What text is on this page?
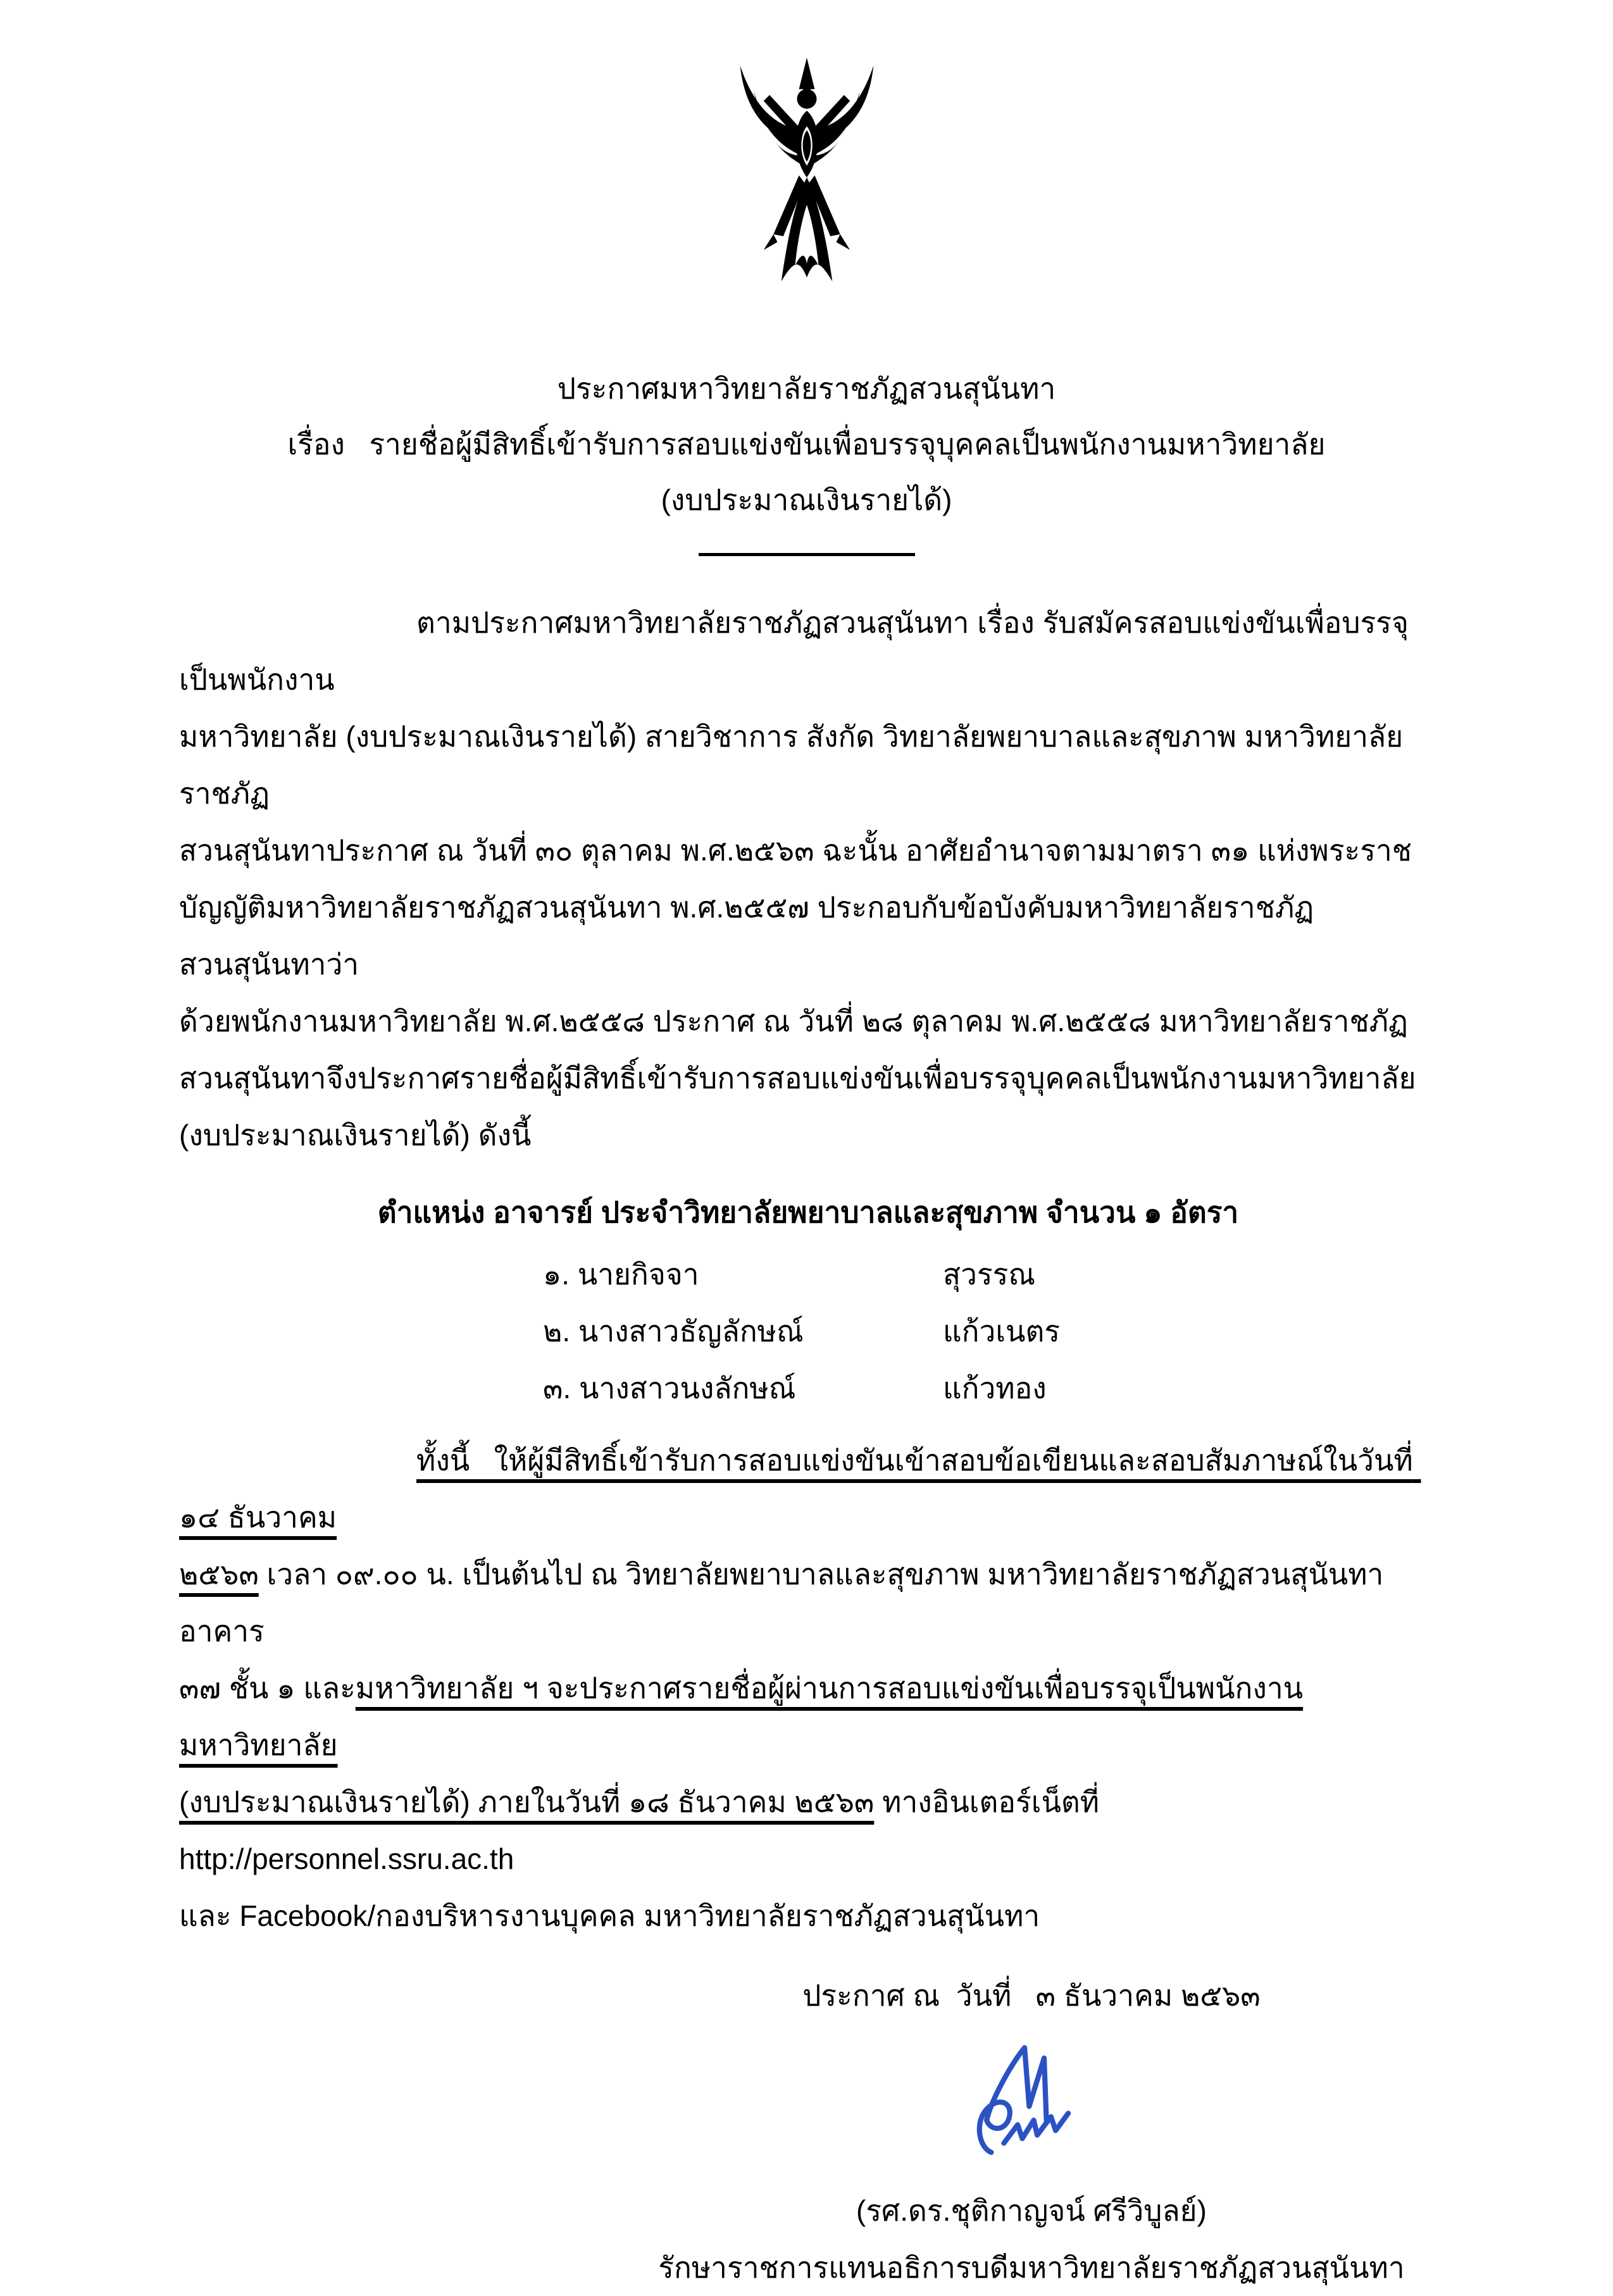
ประกาศมหาวิทยาลัยราชภัฏสวนสุนันทา
เรื่อง   รายชื่อผู้มีสิทธิ์เข้ารับการสอบแข่งขันเพื่อบรรจุบุคคลเป็นพนักงานมหาวิทยาลัย
(งบประมาณเงินรายได้)
ตามประกาศมหาวิทยาลัยราชภัฏสวนสุนันทา เรื่อง รับสมัครสอบแข่งขันเพื่อบรรจุเป็นพนักงาน
มหาวิทยาลัย (งบประมาณเงินรายได้) สายวิชาการ สังกัด วิทยาลัยพยาบาลและสุขภาพ มหาวิทยาลัยราชภัฏ
สวนสุนันทาประกาศ ณ วันที่ ๓๐ ตุลาคม พ.ศ.๒๕๖๓ ฉะนั้น อาศัยอำนาจตามมาตรา ๓๑ แห่งพระราช
บัญญัติมหาวิทยาลัยราชภัฏสวนสุนันทา พ.ศ.๒๕๕๗ ประกอบกับข้อบังคับมหาวิทยาลัยราชภัฏสวนสุนันทาว่า
ด้วยพนักงานมหาวิทยาลัย พ.ศ.๒๕๕๘ ประกาศ ณ วันที่ ๒๘ ตุลาคม พ.ศ.๒๕๕๘ มหาวิทยาลัยราชภัฏ
สวนสุนันทาจึงประกาศรายชื่อผู้มีสิทธิ์เข้ารับการสอบแข่งขันเพื่อบรรจุบุคคลเป็นพนักงานมหาวิทยาลัย
(งบประมาณเงินรายได้) ดังนี้
ตำแหน่ง อาจารย์ ประจำวิทยาลัยพยาบาลและสุขภาพ จำนวน ๑ อัตรา
๑. นายกิจจา	สุวรรณ
๒. นางสาวธัญลักษณ์	แก้วเนตร
๓. นางสาวนงลักษณ์	แก้วทอง
ทั้งนี้   ให้ผู้มีสิทธิ์เข้ารับการสอบแข่งขันเข้าสอบข้อเขียนและสอบสัมภาษณ์ในวันที่ ๑๔ ธันวาคม
๒๕๖๓ เวลา ๐๙.๐๐ น. เป็นต้นไป ณ วิทยาลัยพยาบาลและสุขภาพ มหาวิทยาลัยราชภัฏสวนสุนันทา อาคาร
๓๗ ชั้น ๑ และมหาวิทยาลัย ฯ จะประกาศรายชื่อผู้ผ่านการสอบแข่งขันเพื่อบรรจุเป็นพนักงานมหาวิทยาลัย
(งบประมาณเงินรายได้) ภายในวันที่ ๑๘ ธันวาคม ๒๕๖๓ ทางอินเตอร์เน็ตที่ http://personnel.ssru.ac.th
และ Facebook/กองบริหารงานบุคคล มหาวิทยาลัยราชภัฏสวนสุนันทา
ประกาศ ณ  วันที่   ๓ ธันวาคม ๒๕๖๓
(รศ.ดร.ชุติกาญจน์ ศรีวิบูลย์)
รักษาราชการแทนอธิการบดีมหาวิทยาลัยราชภัฏสวนสุนันทา
